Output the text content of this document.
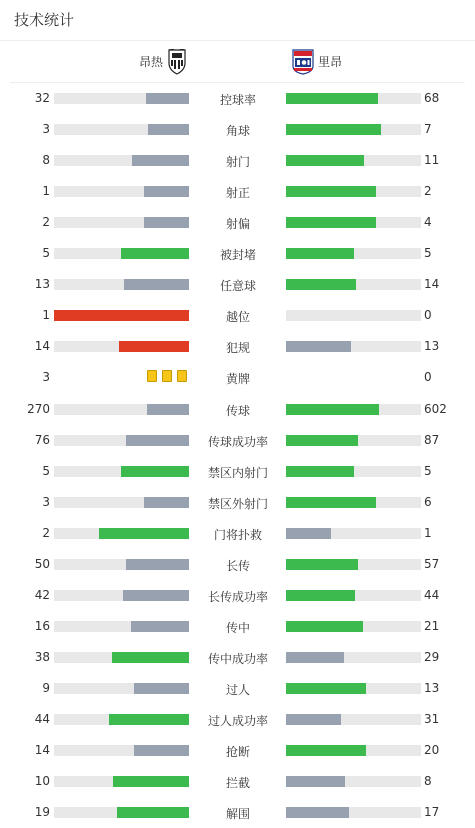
技术统计
昂热	里昂
32	控球率	68
3	角球	7
8	射门	11
1	射正	2
2	射偏	4
5	被封堵	5
13	任意球	14
1	越位	0
14	犯规	13
3	黄牌	0
270	传球	602
76	传球成功率	87
5	禁区内射门	5
3	禁区外射门	6
2	门将扑救	1
50	长传	57
42	长传成功率	44
16	传中	21
38	传中成功率	29
9	过人	13
44	过人成功率	31
14	抢断	20
10	拦截	8
19	解围	17
